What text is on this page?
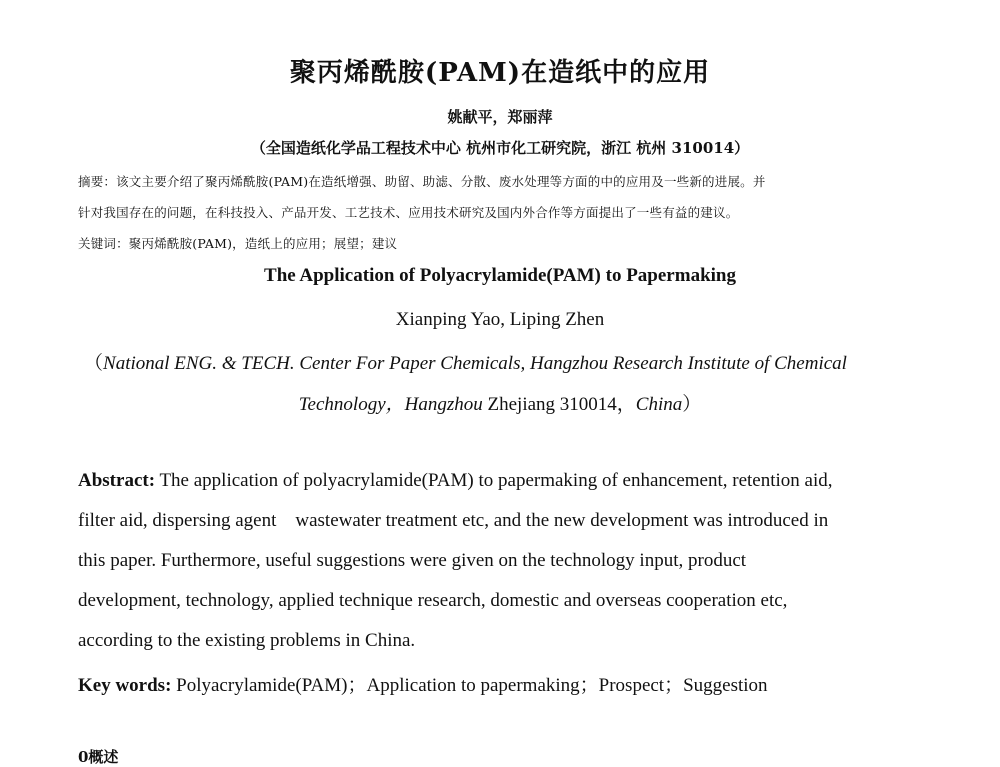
聚丙烯酰胺(PAM)在造纸中的应用
姚献平，郑丽萍
（全国造纸化学品工程技术中心 杭州市化工研究院，浙江 杭州 310014）
摘要：该文主要介绍了聚丙烯酰胺(PAM)在造纸增强、助留、助滤、分散、废水处理等方面的中的应用及一些新的进展。并
针对我国存在的问题，在科技投入、产品开发、工艺技术、应用技术研究及国内外合作等方面提出了一些有益的建议。
关键词：聚丙烯酰胺(PAM)，造纸上的应用；展望；建议
The Application of Polyacrylamide(PAM) to Papermaking
Xianping Yao, Liping Zhen
（National ENG. & TECH. Center For Paper Chemicals, Hangzhou Research Institute of Chemical
Technology，Hangzhou Zhejiang 310014，China）
Abstract: The application of polyacrylamide(PAM) to papermaking of enhancement, retention aid,
filter aid, dispersing agent    wastewater treatment etc, and the new development was introduced in
this paper. Furthermore, useful suggestions were given on the technology input, product
development, technology, applied technique research, domestic and overseas cooperation etc,
according to the existing problems in China.
Key words: Polyacrylamide(PAM)；Application to papermaking；Prospect；Suggestion
0概述
